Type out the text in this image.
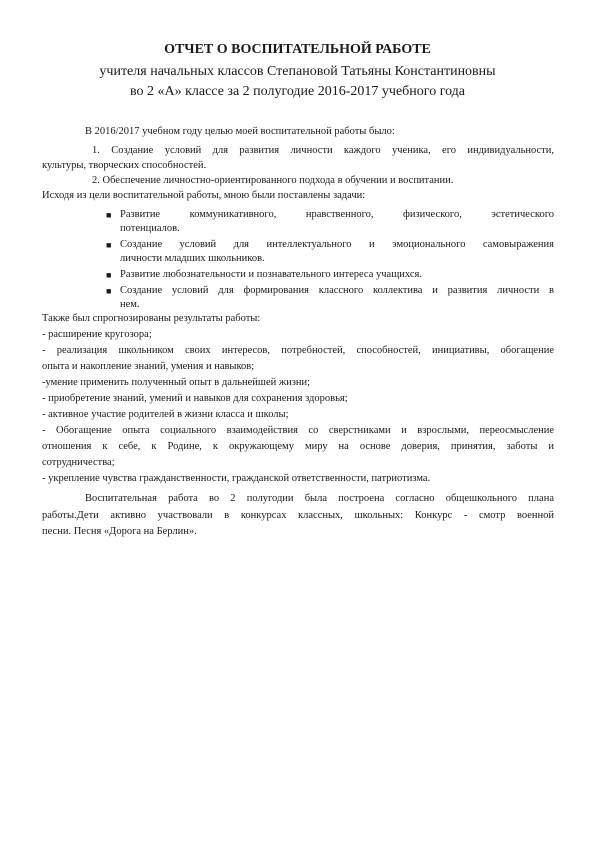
ОТЧЕТ О ВОСПИТАТЕЛЬНОЙ РАБОТЕ
учителя начальных классов Степановой Татьяны Константиновны
во 2 «А» классе за 2 полугодие 2016-2017 учебного года
В 2016/2017 учебном году целью моей воспитательной работы было:
1. Создание условий для развития личности каждого ученика, его индивидуальности,
культуры, творческих способностей.
2. Обеспечение личностно-ориентированного подхода в обучении и воспитании.
Исходя из цели воспитательной работы, мною были поставлены задачи:
■ Развитие коммуникативного, нравственного, физического, эстетического
потенциалов.
■ Создание условий для интеллектуального и эмоционального самовыражения
личности младших школьников.
■ Развитие любознательности и познавательного интереса учащихся.
■ Создание условий для формирования классного коллектива и развития личности в
нем.
Также был спрогнозированы результаты работы:
- расширение кругозора;
- реализация школьником своих интересов, потребностей, способностей, инициативы, обогащение
опыта и накопление знаний, умения и навыков;
-умение применить полученный опыт в дальнейшей жизни;
- приобретение знаний, умений и навыков для сохранения здоровья;
- активное участие родителей в жизни класса и школы;
- Обогащение опыта социального взаимодействия со сверстниками и взрослыми, переосмысление
отношения к себе, к Родине, к окружающему миру на основе доверия, принятия, заботы и
сотрудничества;
- укрепление чувства гражданственности, гражданской ответственности, патриотизма.
Воспитательная работа во 2 полугодии была построена согласно общешкольного плана
работы.Дети активно участвовали в конкурсах классных, школьных: Конкурс - смотр военной
песни. Песня «Дорога на Берлин».
